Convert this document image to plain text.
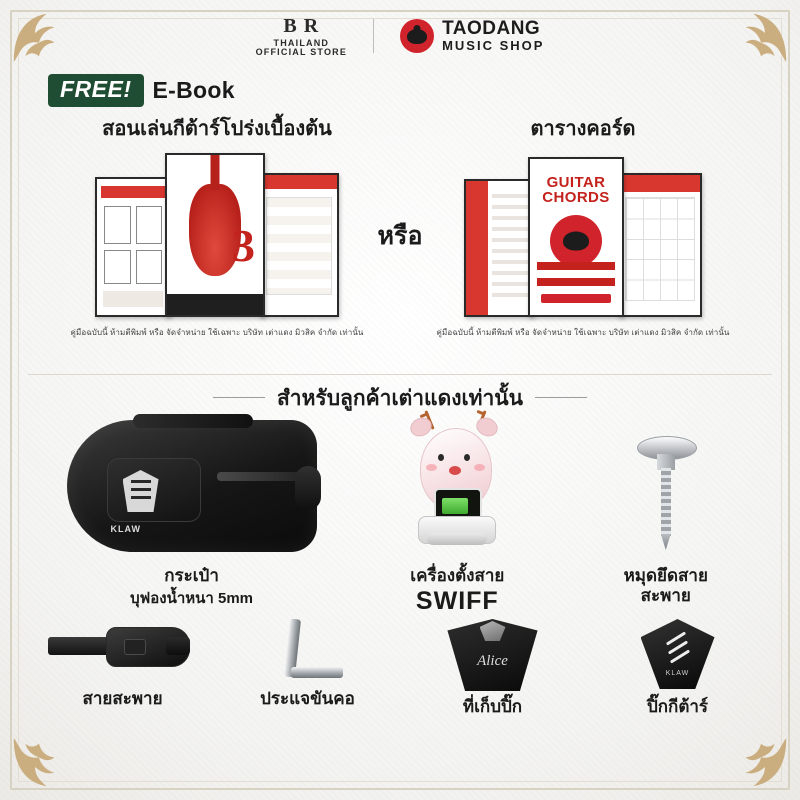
B R
THAILAND
OFFICIAL STORE
TAODANG
MUSIC SHOP
FREE! E-Book
สอนเล่นกีต้าร์โปร่งเบื้องต้น
3
คู่มือฉบับนี้ ห้ามตีพิมพ์ หรือ จัดจำหน่าย ใช้เฉพาะ บริษัท เต่าแดง มิวสิค จำกัด เท่านั้น
ตารางคอร์ด
GUITAR CHORDS
คู่มือฉบับนี้ ห้ามตีพิมพ์ หรือ จัดจำหน่าย ใช้เฉพาะ บริษัท เต่าแดง มิวสิค จำกัด เท่านั้น
หรือ
สำหรับลูกค้าเต่าแดงเท่านั้น
KLAW
กระเป๋า
บุฟองน้ำหนา 5mm
เครื่องตั้งสาย
SWIFF
หมุดยึดสาย
สะพาย
สายสะพาย	ประแจขันคอ
Alice
ที่เก็บปิ๊ก
KLAW
ปิ๊กกีต้าร์
